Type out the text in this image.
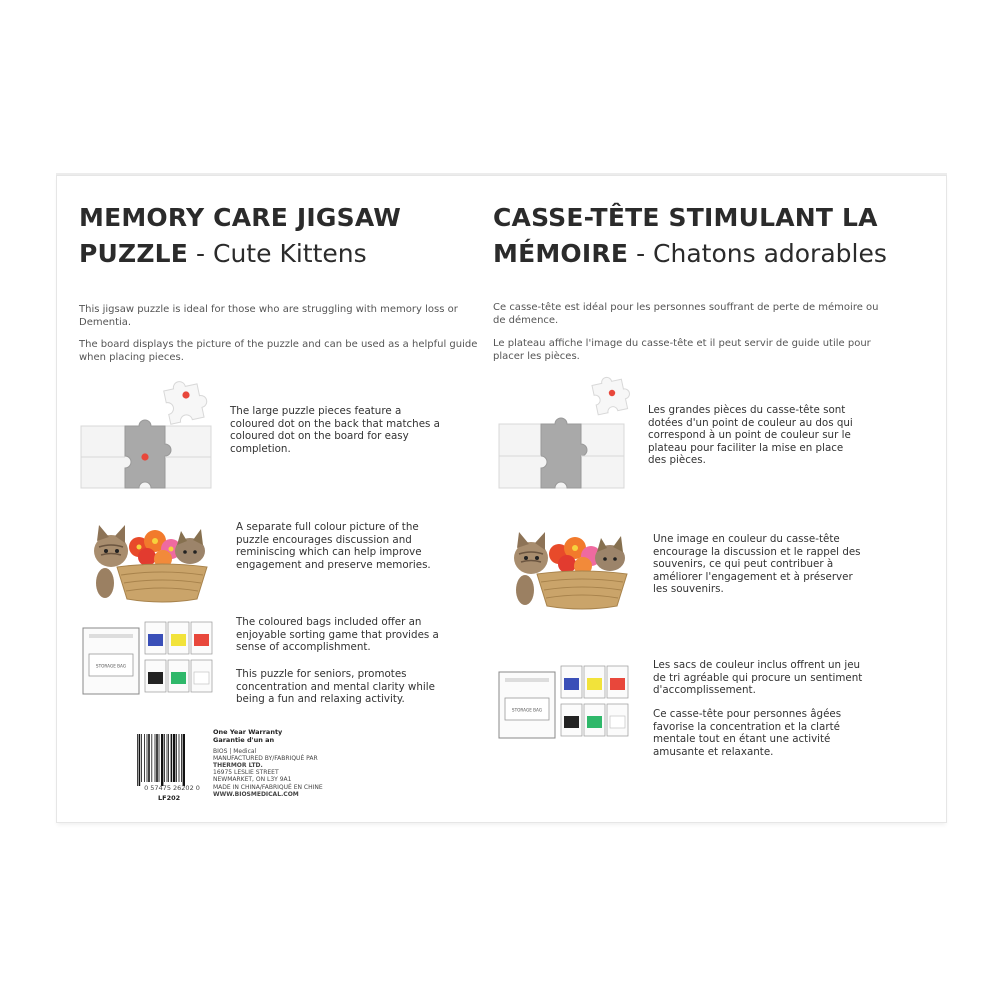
MEMORY CARE JIGSAW
PUZZLE - Cute Kittens

This jigsaw puzzle is ideal for those who are struggling with memory loss or Dementia.

The board displays the picture of the puzzle and can be used as a helpful guide when placing pieces.

The large puzzle pieces feature a coloured dot on the back that matches a coloured dot on the board for easy completion.

A separate full colour picture of the puzzle encourages discussion and reminiscing which can help improve engagement and preserve memories.

STORAGE BAG

The coloured bags included offer an enjoyable sorting game that provides a sense of accomplishment.

This puzzle for seniors, promotes concentration and mental clarity while being a fun and relaxing activity.

0 57475 26202 0

LF202

One Year Warranty

Garantie d'un an

BIOS | Medical

MANUFACTURED BY/FABRIQUÉ PAR

THERMOR LTD.

16975 LESLIE STREET

NEWMARKET, ON L3Y 9A1

MADE IN CHINA/FABRIQUÉ EN CHINE

WWW.BIOSMEDICAL.COM

CASSE-TÊTE STIMULANT LA
MÉMOIRE - Chatons adorables

Ce casse-tête est idéal pour les personnes souffrant de perte de mémoire ou de démence.

Le plateau affiche l'image du casse-tête et il peut servir de guide utile pour placer les pièces.

Les grandes pièces du casse-tête sont dotées d'un point de couleur au dos qui correspond à un point de couleur sur le plateau pour faciliter la mise en place des pièces.

Une image en couleur du casse-tête encourage la discussion et le rappel des souvenirs, ce qui peut contribuer à améliorer l'engagement et à préserver les souvenirs.

STORAGE BAG

Les sacs de couleur inclus offrent un jeu de tri agréable qui procure un sentiment d'accomplissement.

Ce casse-tête pour personnes âgées favorise la concentration et la clarté mentale tout en étant une activité amusante et relaxante.
